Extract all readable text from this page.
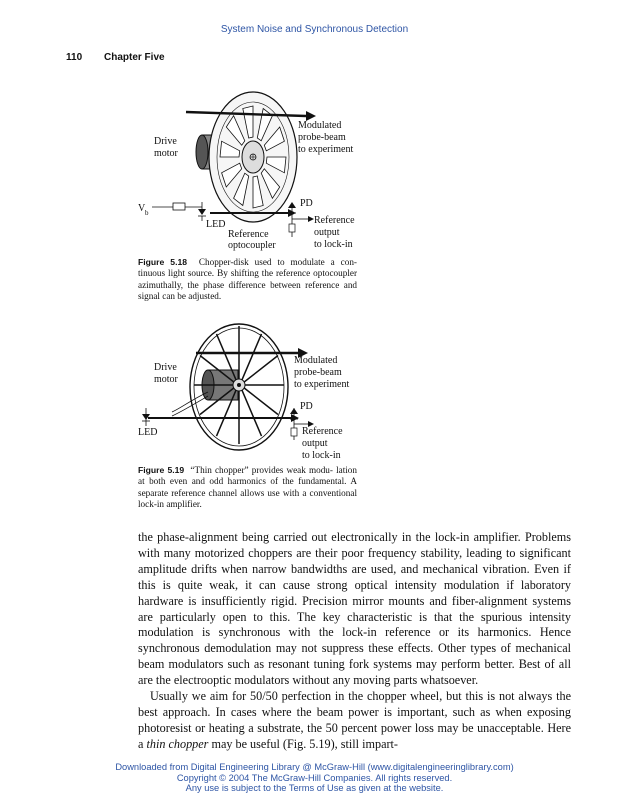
System Noise and Synchronous Detection
110 Chapter Five
Drive
motor
Modulated
probe-beam
to experiment
V b
LED
PD
Reference
optocoupler
Reference
output
to lock-in
Figure 5.18 Chopper-disk used to modulate a con- tinuous light source. By shifting the reference optocoupler azimuthally, the phase difference between reference and signal can be adjusted.
Drive
motor
Modulated
probe-beam
to experiment
PD
LED	Reference
output
to lock-in
Figure 5.19 “Thin chopper” provides weak modu- lation at both even and odd harmonics of the fundamental. A separate reference channel allows use with a conventional lock-in amplifier.

the phase-alignment being carried out electronically in the lock-in amplifier. Problems with many motorized choppers are their poor frequency stability, leading to significant amplitude drifts when narrow bandwidths are used, and mechanical vibration. Even if this is quite weak, it can cause strong optical intensity modulation if laboratory hardware is insufficiently rigid. Precision mirror mounts and fiber-alignment systems are particularly open to this. The key characteristic is that the spurious intensity modulation is synchronous with the lock-in reference or its harmonics. Hence synchronous demodulation may not suppress these effects. Other types of mechanical beam modulators such as resonant tuning fork systems may perform better. Best of all are the electrooptic modulators without any moving parts whatsoever.

Usually we aim for 50/50 perfection in the chopper wheel, but this is not always the best approach. In cases where the beam power is important, such as when exposing photoresist or heating a substrate, the 50 percent power loss may be unacceptable. Here a thin chopper may be useful (Fig. 5.19), still impart-

Downloaded from Digital Engineering Library @ McGraw-Hill (www.digitalengineeringlibrary.com)
Copyright © 2004 The McGraw-Hill Companies. All rights reserved.
Any use is subject to the Terms of Use as given at the website.
